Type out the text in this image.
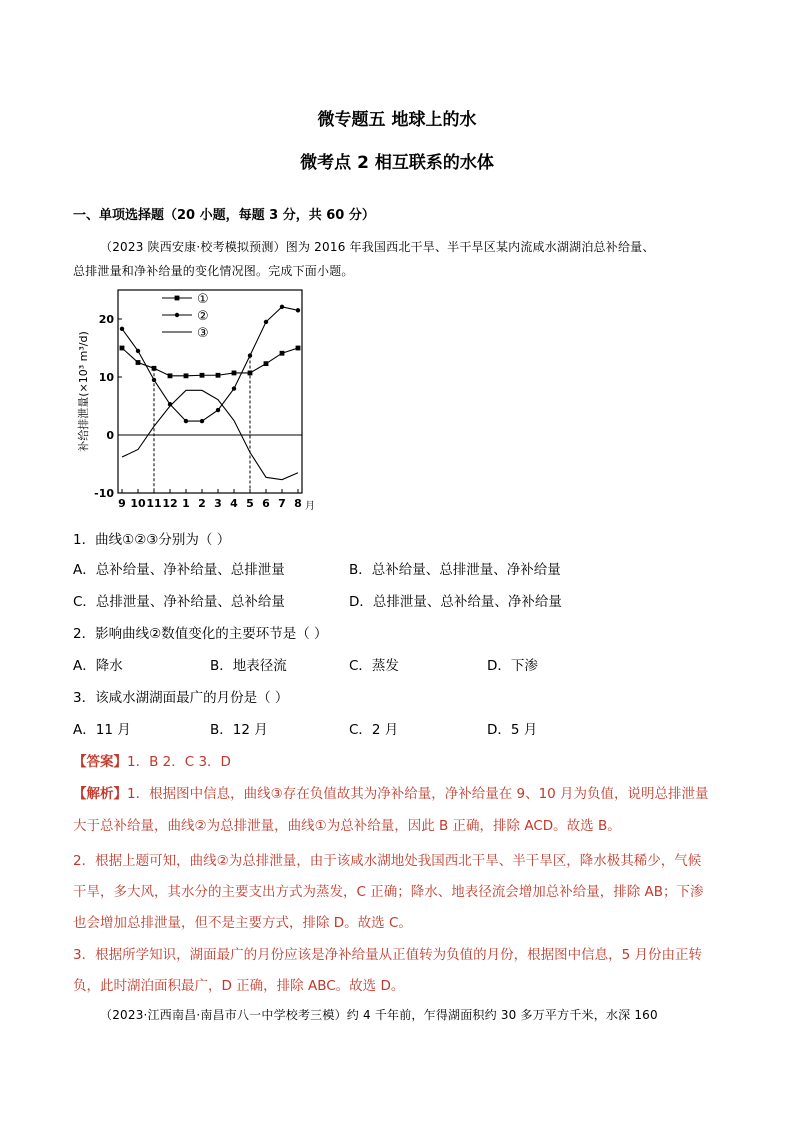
微专题五 地球上的水
微考点 2 相互联系的水体
一、单项选择题（20 小题，每题 3 分，共 60 分）
（2023 陕西安康·校考模拟预测）图为 2016 年我国西北干旱、半干旱区某内流咸水湖湖泊总补给量、
总排泄量和净补给量的变化情况图。完成下面小题。
20
10
0
-10
9 10 11 12 1 2 3 4 5 6 7 8 月
补给排泄量(×10³ m³/d)
①
②
③
1．曲线①②③分别为（ ）
A．总补给量、净补给量、总排泄量	B．总补给量、总排泄量、净补给量
C．总排泄量、净补给量、总补给量	D．总排泄量、总补给量、净补给量
2．影响曲线②数值变化的主要环节是（ ）
A．降水	B．地表径流	C．蒸发	D．下渗
3．该咸水湖湖面最广的月份是（ ）
A．11 月	B．12 月	C．2 月	D．5 月
【答案】1．B 2．C 3．D
【解析】1．根据图中信息，曲线③存在负值故其为净补给量，净补给量在 9、10 月为负值，说明总排泄量
大于总补给量，曲线②为总排泄量，曲线①为总补给量，因此 B 正确，排除 ACD。故选 B。
2．根据上题可知，曲线②为总排泄量，由于该咸水湖地处我国西北干旱、半干旱区，降水极其稀少，气候
干旱，多大风，其水分的主要支出方式为蒸发，C 正确；降水、地表径流会增加总补给量，排除 AB；下渗
也会增加总排泄量，但不是主要方式，排除 D。故选 C。
3．根据所学知识，湖面最广的月份应该是净补给量从正值转为负值的月份，根据图中信息，5 月份由正转
负，此时湖泊面积最广，D 正确，排除 ABC。故选 D。
（2023·江西南昌·南昌市八一中学校考三模）约 4 千年前，乍得湖面积约 30 多万平方千米，水深 160
